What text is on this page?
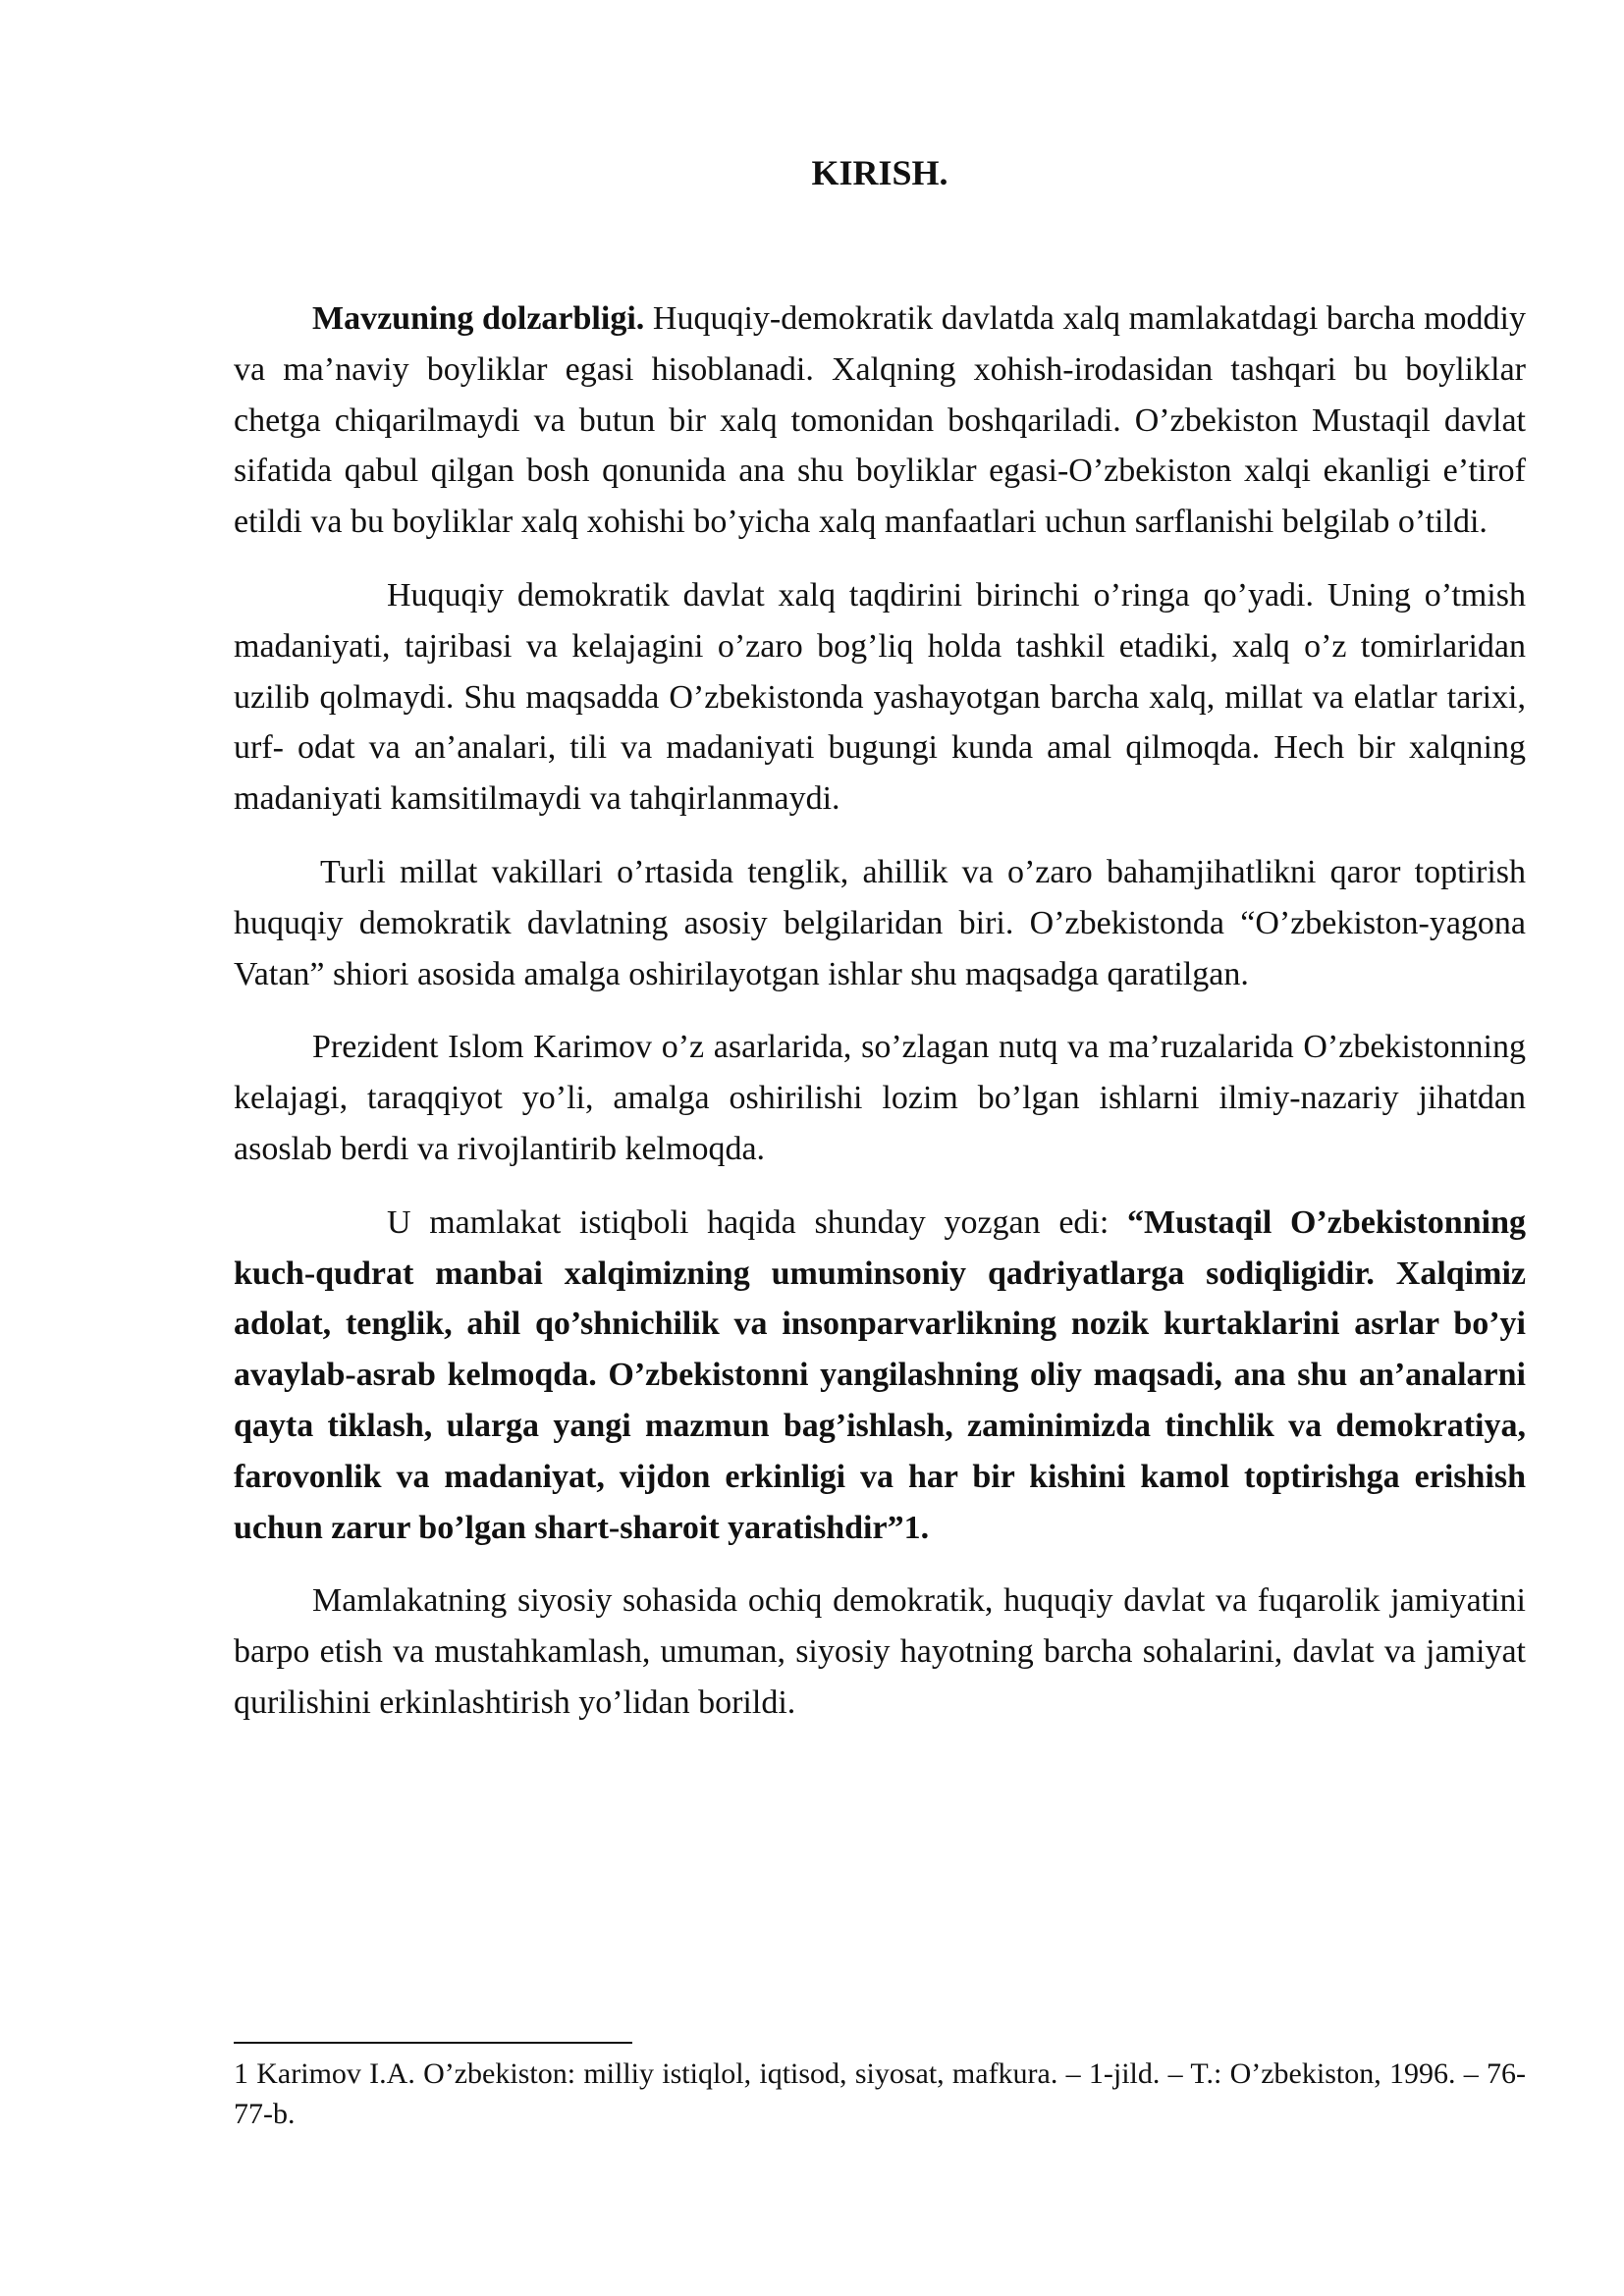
KIRISH.

Mavzuning dolzarbligi. Huquqiy-demokratik davlatda xalq mamlakatdagi barcha moddiy va ma’naviy boyliklar egasi hisoblanadi. Xalqning xohish-irodasidan tashqari bu boyliklar chetga chiqarilmaydi va butun bir xalq tomonidan boshqariladi. O’zbekiston Mustaqil davlat sifatida qabul qilgan bosh qonunida ana shu boyliklar egasi-O’zbekiston xalqi ekanligi e’tirof etildi va bu boyliklar xalq xohishi bo’yicha xalq manfaatlari uchun sarflanishi belgilab o’tildi.

Huquqiy demokratik davlat xalq taqdirini birinchi o’ringa qo’yadi. Uning o’tmish madaniyati, tajribasi va kelajagini o’zaro bog’liq holda tashkil etadiki, xalq o’z tomirlaridan uzilib qolmaydi. Shu maqsadda O’zbekistonda yashayotgan barcha xalq, millat va elatlar tarixi, urf- odat va an’analari, tili va madaniyati bugungi kunda amal qilmoqda. Hech bir xalqning madaniyati kamsitilmaydi va tahqirlanmaydi.

Turli millat vakillari o’rtasida tenglik, ahillik va o’zaro bahamjihatlikni qaror toptirish huquqiy demokratik davlatning asosiy belgilaridan biri. O’zbekistonda “O’zbekiston-yagona Vatan” shiori asosida amalga oshirilayotgan ishlar shu maqsadga qaratilgan.

Prezident Islom Karimov o’z asarlarida, so’zlagan nutq va ma’ruzalarida O’zbekistonning kelajagi, taraqqiyot yo’li, amalga oshirilishi lozim bo’lgan ishlarni ilmiy-nazariy jihatdan asoslab berdi va rivojlantirib kelmoqda.

U mamlakat istiqboli haqida shunday yozgan edi: “Mustaqil O’zbekistonning kuch-qudrat manbai xalqimizning umuminsoniy qadriyatlarga sodiqligidir. Xalqimiz adolat, tenglik, ahil qo’shnichilik va insonparvarlikning nozik kurtaklarini asrlar bo’yi avaylab-asrab kelmoqda. O’zbekistonni yangilashning oliy maqsadi, ana shu an’analarni qayta tiklash, ularga yangi mazmun bag’ishlash, zaminimizda tinchlik va demokratiya, farovonlik va madaniyat, vijdon erkinligi va har bir kishini kamol toptirishga erishish uchun zarur bo’lgan shart-sharoit yaratishdir”1.

Mamlakatning siyosiy sohasida ochiq demokratik, huquqiy davlat va fuqarolik jamiyatini barpo etish va mustahkamlash, umuman, siyosiy hayotning barcha sohalarini, davlat va jamiyat qurilishini erkinlashtirish yo’lidan borildi.

1 Karimov I.A. O’zbekiston: milliy istiqlol, iqtisod, siyosat, mafkura. – 1-jild. – T.: O’zbekiston, 1996. – 76-77-b.
